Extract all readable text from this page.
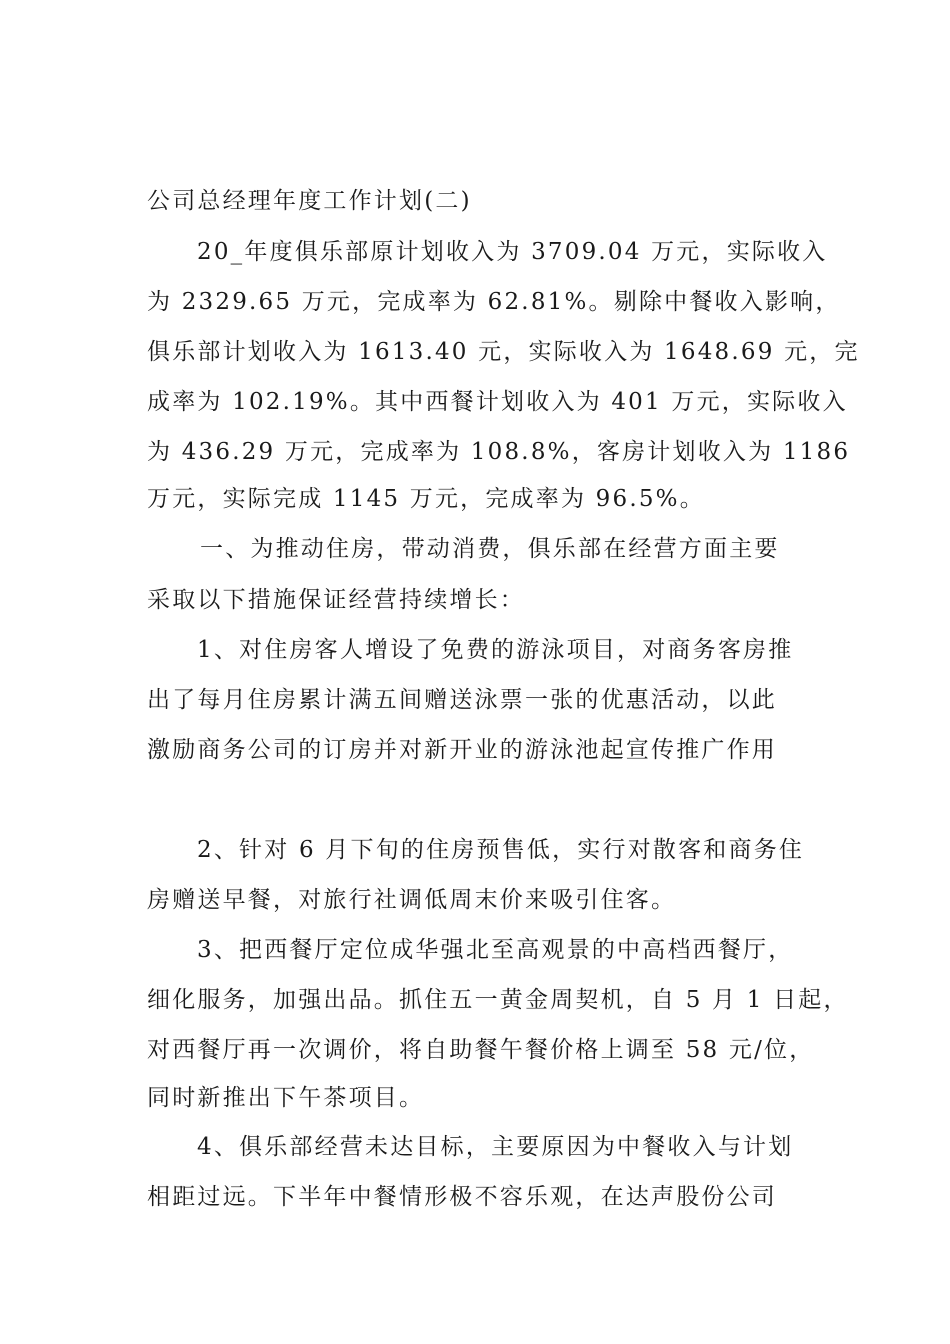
公司总经理年度工作计划(二)
20_年度俱乐部原计划收入为 3709.04 万元，实际收入
为 2329.65 万元，完成率为 62.81%。剔除中餐收入影响，
俱乐部计划收入为 1613.40 元，实际收入为 1648.69 元，完
成率为 102.19%。其中西餐计划收入为 401 万元，实际收入
为 436.29 万元，完成率为 108.8%，客房计划收入为 1186
万元，实际完成 1145 万元，完成率为 96.5%。
一、为推动住房，带动消费，俱乐部在经营方面主要
采取以下措施保证经营持续增长：
1、对住房客人增设了免费的游泳项目，对商务客房推
出了每月住房累计满五间赠送泳票一张的优惠活动，以此
激励商务公司的订房并对新开业的游泳池起宣传推广作用
2、针对 6 月下旬的住房预售低，实行对散客和商务住
房赠送早餐，对旅行社调低周末价来吸引住客。
3、把西餐厅定位成华强北至高观景的中高档西餐厅，
细化服务，加强出品。抓住五一黄金周契机，自 5 月 1 日起，
对西餐厅再一次调价，将自助餐午餐价格上调至 58 元/位，
同时新推出下午茶项目。
4、俱乐部经营未达目标，主要原因为中餐收入与计划
相距过远。下半年中餐情形极不容乐观，在达声股份公司
